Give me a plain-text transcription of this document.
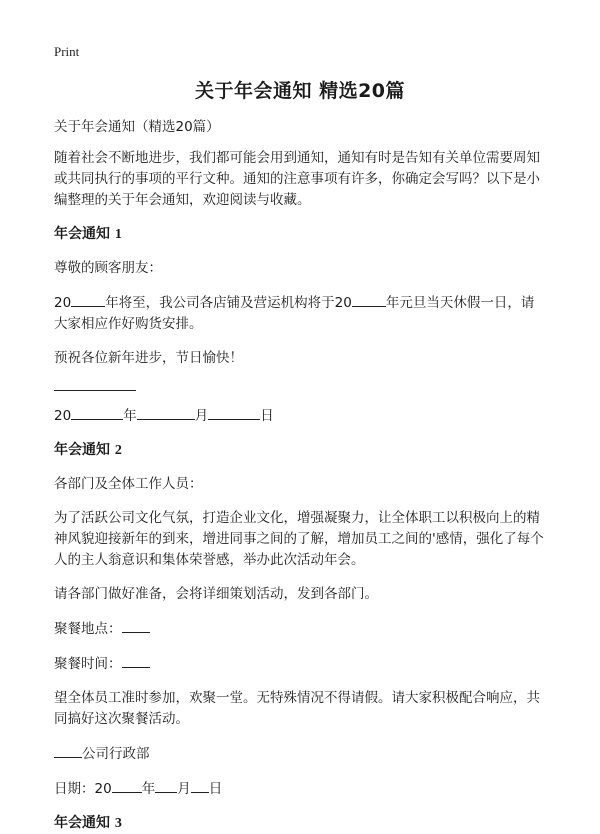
Print
关于年会通知 精选20篇

关于年会通知（精选20篇）

随着社会不断地进步，我们都可能会用到通知，通知有时是告知有关单位需要周知或共同执行的事项的平行文种。通知的注意事项有许多，你确定会写吗？以下是小编整理的关于年会通知，欢迎阅读与收藏。

年会通知 1

尊敬的顾客朋友：

20	年将至，我公司各店铺及营运机构将于20	年元旦当天休假一日，请大家相应作好购货安排。

预祝各位新年进步，节日愉快！

20	年	月	日

年会通知 2

各部门及全体工作人员：

为了活跃公司文化气氛，打造企业文化，增强凝聚力，让全体职工以积极向上的精神风貌迎接新年的到来，增进同事之间的了解，增加员工之间的'感情，强化了每个人的主人翁意识和集体荣誉感，举办此次活动年会。

请各部门做好准备，会将详细策划活动，发到各部门。

聚餐地点：

聚餐时间：

望全体员工准时参加，欢聚一堂。无特殊情况不得请假。请大家积极配合响应，共同搞好这次聚餐活动。

公司行政部

日期：20 年 月 日

年会通知 3
